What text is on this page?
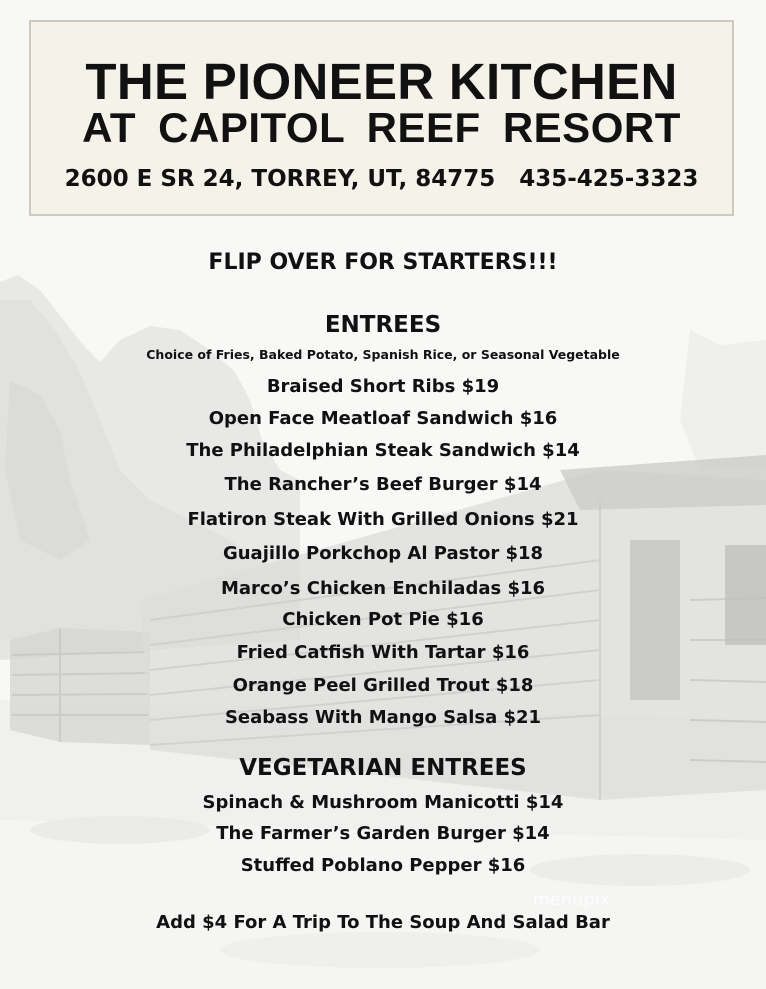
THE PIONEER KITCHEN
AT CAPITOL REEF RESORT
2600 E SR 24, TORREY, UT, 84775   435-425-3323
FLIP OVER FOR STARTERS!!!
ENTREES
Choice of Fries, Baked Potato, Spanish Rice, or Seasonal Vegetable
Braised Short Ribs $19
Open Face Meatloaf Sandwich $16
The Philadelphian Steak Sandwich $14
The Rancher’s Beef Burger $14
Flatiron Steak With Grilled Onions $21
Guajillo Porkchop Al Pastor $18
Marco’s Chicken Enchiladas $16
Chicken Pot Pie $16
Fried Catfish With Tartar $16
Orange Peel Grilled Trout $18
Seabass With Mango Salsa $21
VEGETARIAN ENTREES
Spinach & Mushroom Manicotti $14
The Farmer’s Garden Burger $14
Stuffed Poblano Pepper $16
Add $4 For A Trip To The Soup And Salad Bar
menupix
